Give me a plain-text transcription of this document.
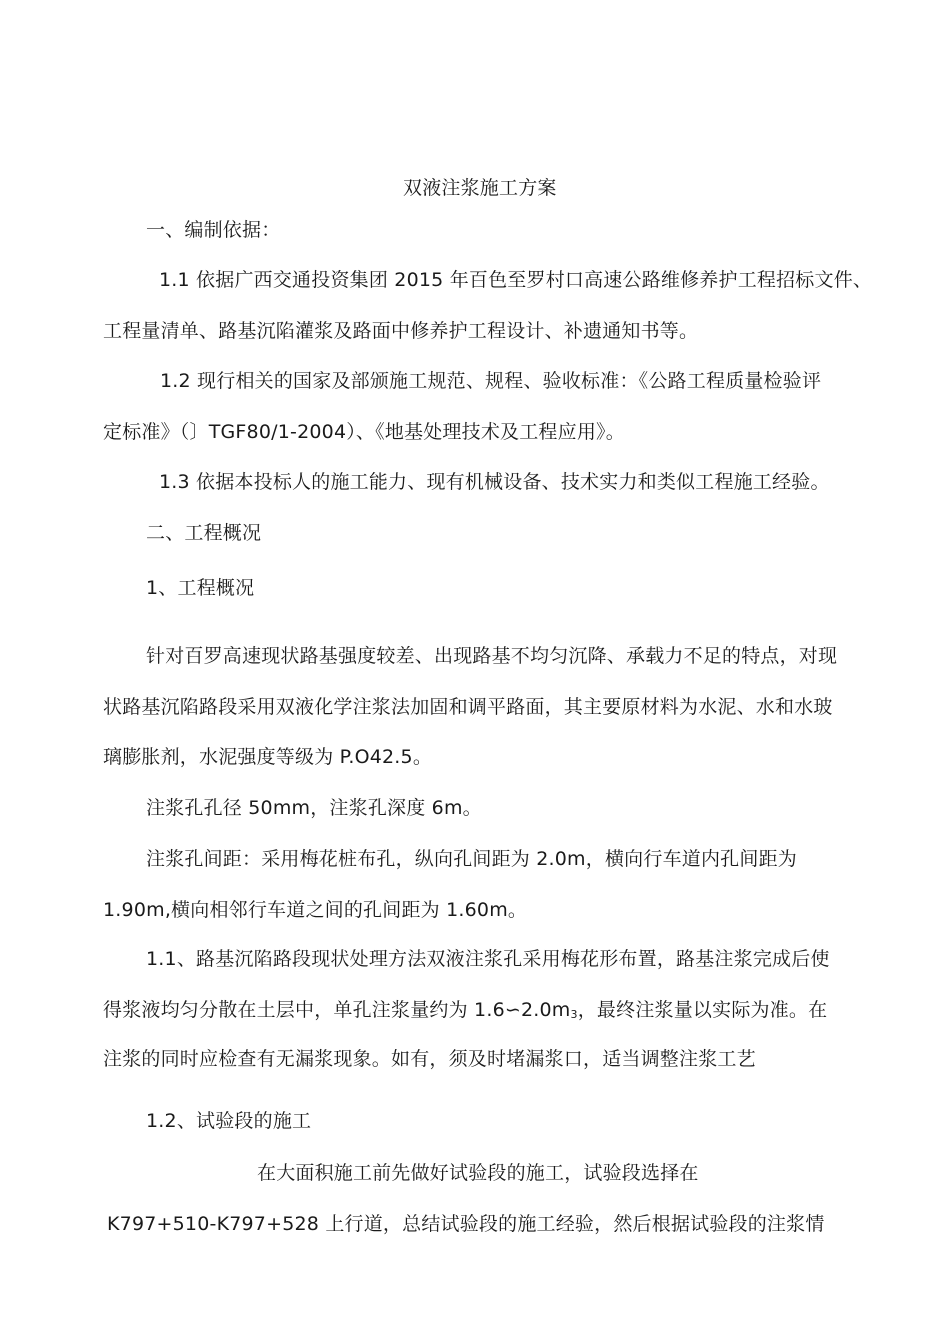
双液注浆施工方案
一、编制依据：
1.1 依据广西交通投资集团 2015 年百色至罗村口高速公路维修养护工程招标文件、
工程量清单、路基沉陷灌浆及路面中修养护工程设计、补遗通知书等。
1.2 现行相关的国家及部颁施工规范、规程、验收标准：《公路工程质量检验评
定标准》（〕TGF80/1-2004）、《地基处理技术及工程应用》。
1.3 依据本投标人的施工能力、现有机械设备、技术实力和类似工程施工经验。
二、工程概况
1、工程概况
针对百罗高速现状路基强度较差、出现路基不均匀沉降、承载力不足的特点，对现
状路基沉陷路段采用双液化学注浆法加固和调平路面，其主要原材料为水泥、水和水玻
璃膨胀剂，水泥强度等级为 P.O42.5。
注浆孔孔径 50mm，注浆孔深度 6m。
注浆孔间距：采用梅花桩布孔，纵向孔间距为 2.0m，横向行车道内孔间距为
1.90m,横向相邻行车道之间的孔间距为 1.60m。
1.1、路基沉陷路段现状处理方法双液注浆孔采用梅花形布置，路基注浆完成后使
得浆液均匀分散在土层中，单孔注浆量约为 $1.6∽2.0m_3$，最终注浆量以实际为准。在
注浆的同时应检查有无漏浆现象。如有，须及时堵漏浆口，适当调整注浆工艺
1.2、试验段的施工
在大面积施工前先做好试验段的施工，试验段选择在
K797+510-K797+528 上行道，总结试验段的施工经验，然后根据试验段的注浆情
